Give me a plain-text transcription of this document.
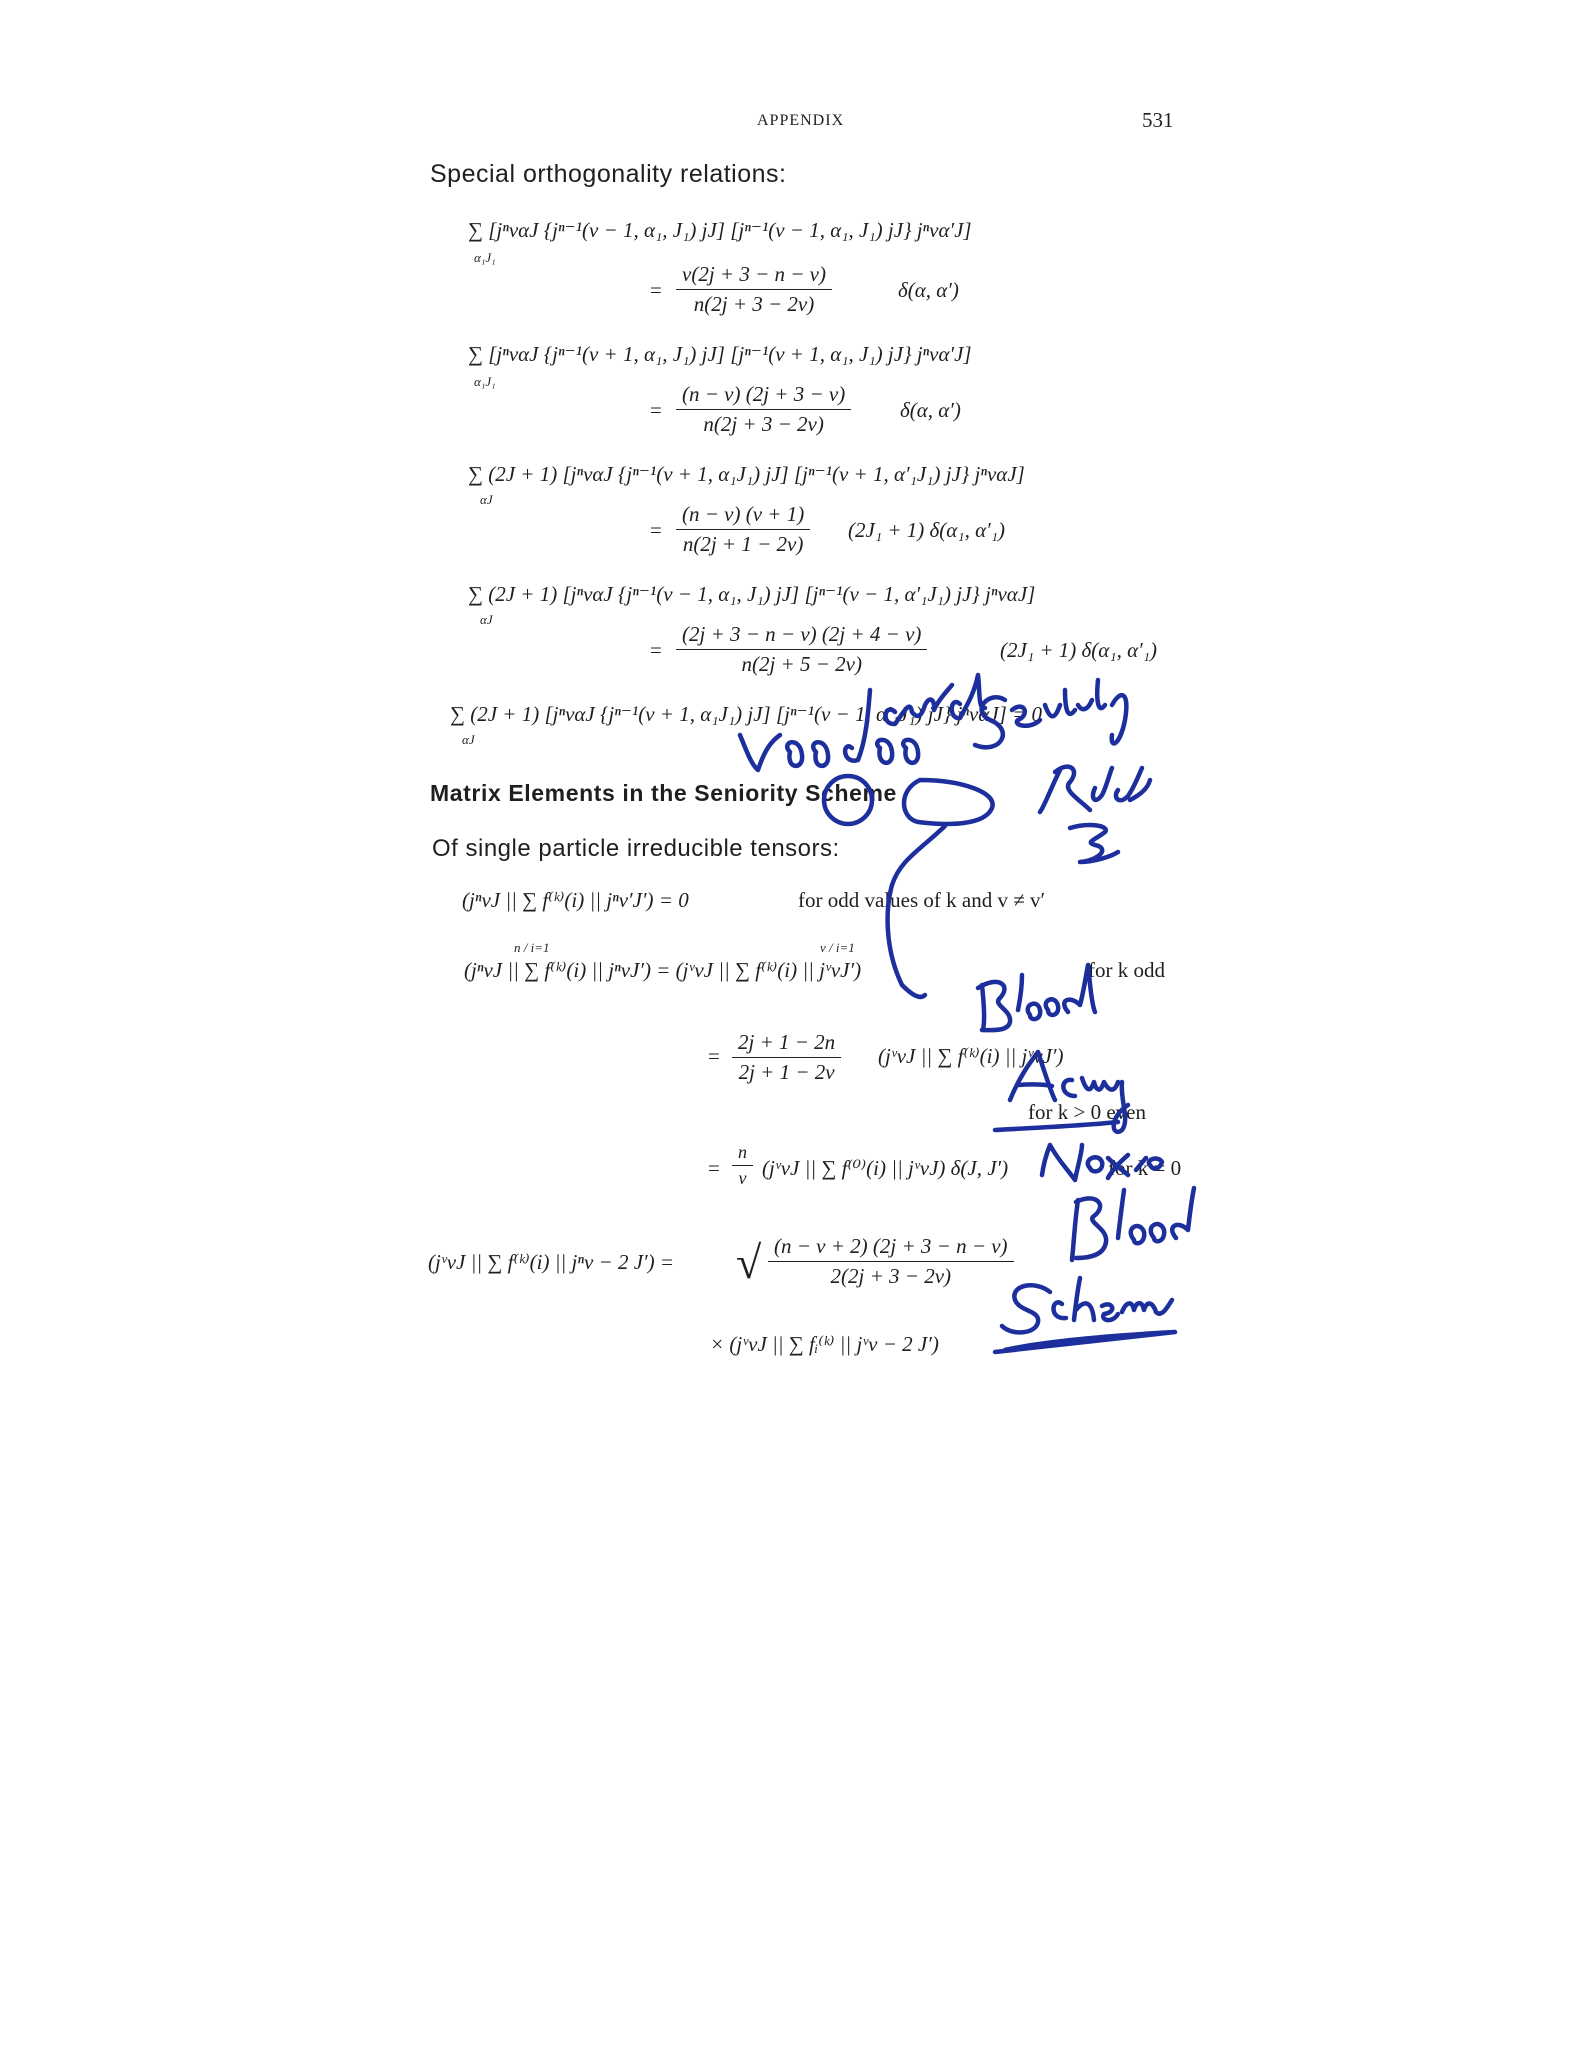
APPENDIX	531
Special orthogonality relations:
∑ [jⁿvαJ {jⁿ⁻¹(v − 1, α₁, J₁) jJ] [jⁿ⁻¹(v − 1, α₁, J₁) jJ} jⁿvα′J]
α₁J₁
= $\frac{v(2j + 3 - n - v)}{n(2j + 3 - 2v)}$	δ(α, α′)
∑ [jⁿvαJ {jⁿ⁻¹(v + 1, α₁, J₁) jJ] [jⁿ⁻¹(v + 1, α₁, J₁) jJ} jⁿvα′J]
α₁J₁
= $\frac{(n - v) (2j + 3 - v)}{n(2j + 3 - 2v)} \delta(\alpha$, α′)
∑ (2J + 1) [jⁿvαJ {jⁿ⁻¹(v + 1, α₁J₁) jJ] [jⁿ⁻¹(v + 1, α′₁J₁) jJ} jⁿvαJ]
αJ
= $\frac{(n - v) (v + 1)}{n(2j + 1 - 2v)} (2J_1 + 1)$ δ(α₁, α′₁)
∑ (2J + 1) [jⁿvαJ {jⁿ⁻¹(v − 1, α₁, J₁) jJ] [jⁿ⁻¹(v − 1, α′₁J₁) jJ} jⁿvαJ]
αJ
= $\frac{(2j + 3 - n - v) (2j + 4 - v)}{n(2j + 5 - 2v)}$	(2J₁ + 1) δ(α₁, α′₁)
∑ (2J + 1) [jⁿvαJ {jⁿ⁻¹(v + 1, α₁J₁) jJ] [jⁿ⁻¹(v − 1, α′₁J₁) jJ} jⁿvαJ] = 0
αJ
Matrix Elements in the Seniority Scheme
Of single particle irreducible tensors:
(jⁿvJ || ∑ f⁽ᵏ⁾(i) || jⁿv′J′) = 0	for odd values of k and v ≠ v′
(jⁿvJ || ∑ f⁽ᵏ⁾(i) || jⁿvJ′) = (jᵛvJ || ∑ f⁽ᵏ⁾(i) || jᵛvJ′)
n / i=1	v / i=1
for k odd
= $\frac{2j + 1 - 2n}{2j + 1 - 2v}$ (jᵛvJ || ∑ f⁽ᵏ⁾(i) || jᵛvJ′)
for k > 0 even
= $\frac{n}{v}$ (jᵛvJ || ∑ f⁽⁰⁾(i) || jᵛvJ) δ(J, J′)	for k = 0
(jᵛvJ || ∑ f⁽ᵏ⁾(i) || jⁿv − 2 J′) = √ $\frac{(n - v + 2) (2j + 3 - n - v)}{2(2j + 3 - 2v)}$
× (jᵛvJ || ∑ fᵢ⁽ᵏ⁾ || jᵛv − 2 J′)
